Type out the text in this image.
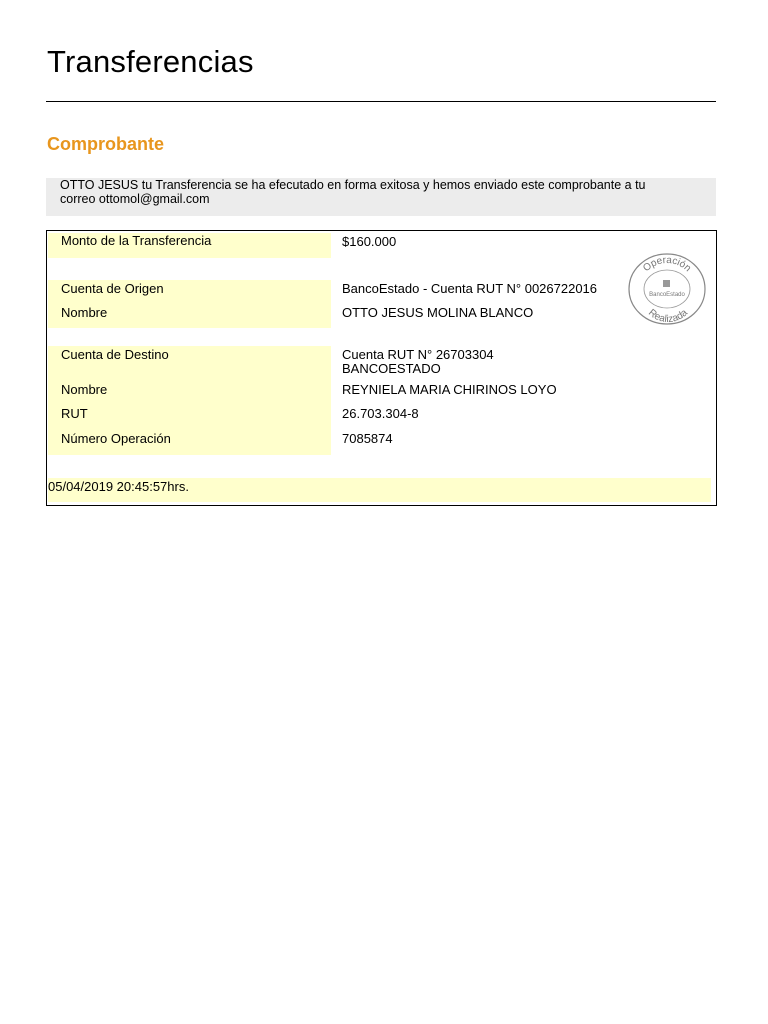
Transferencias
Comprobante
OTTO JESUS tu Transferencia se ha efecutado en forma exitosa y hemos enviado este comprobante a tu
correo ottomol@gmail.com
Monto de la Transferencia	$160.000
Cuenta de Origen
Nombre
BancoEstado - Cuenta RUT N° 0026722016
OTTO JESUS MOLINA BLANCO
Cuenta de Destino
Nombre
RUT
Número Operación
Cuenta RUT N° 26703304
BANCOESTADO
REYNIELA MARIA CHIRINOS LOYO
26.703.304-8
7085874
05/04/2019 20:45:57hrs.
Operación
Realizada
BancoEstado
